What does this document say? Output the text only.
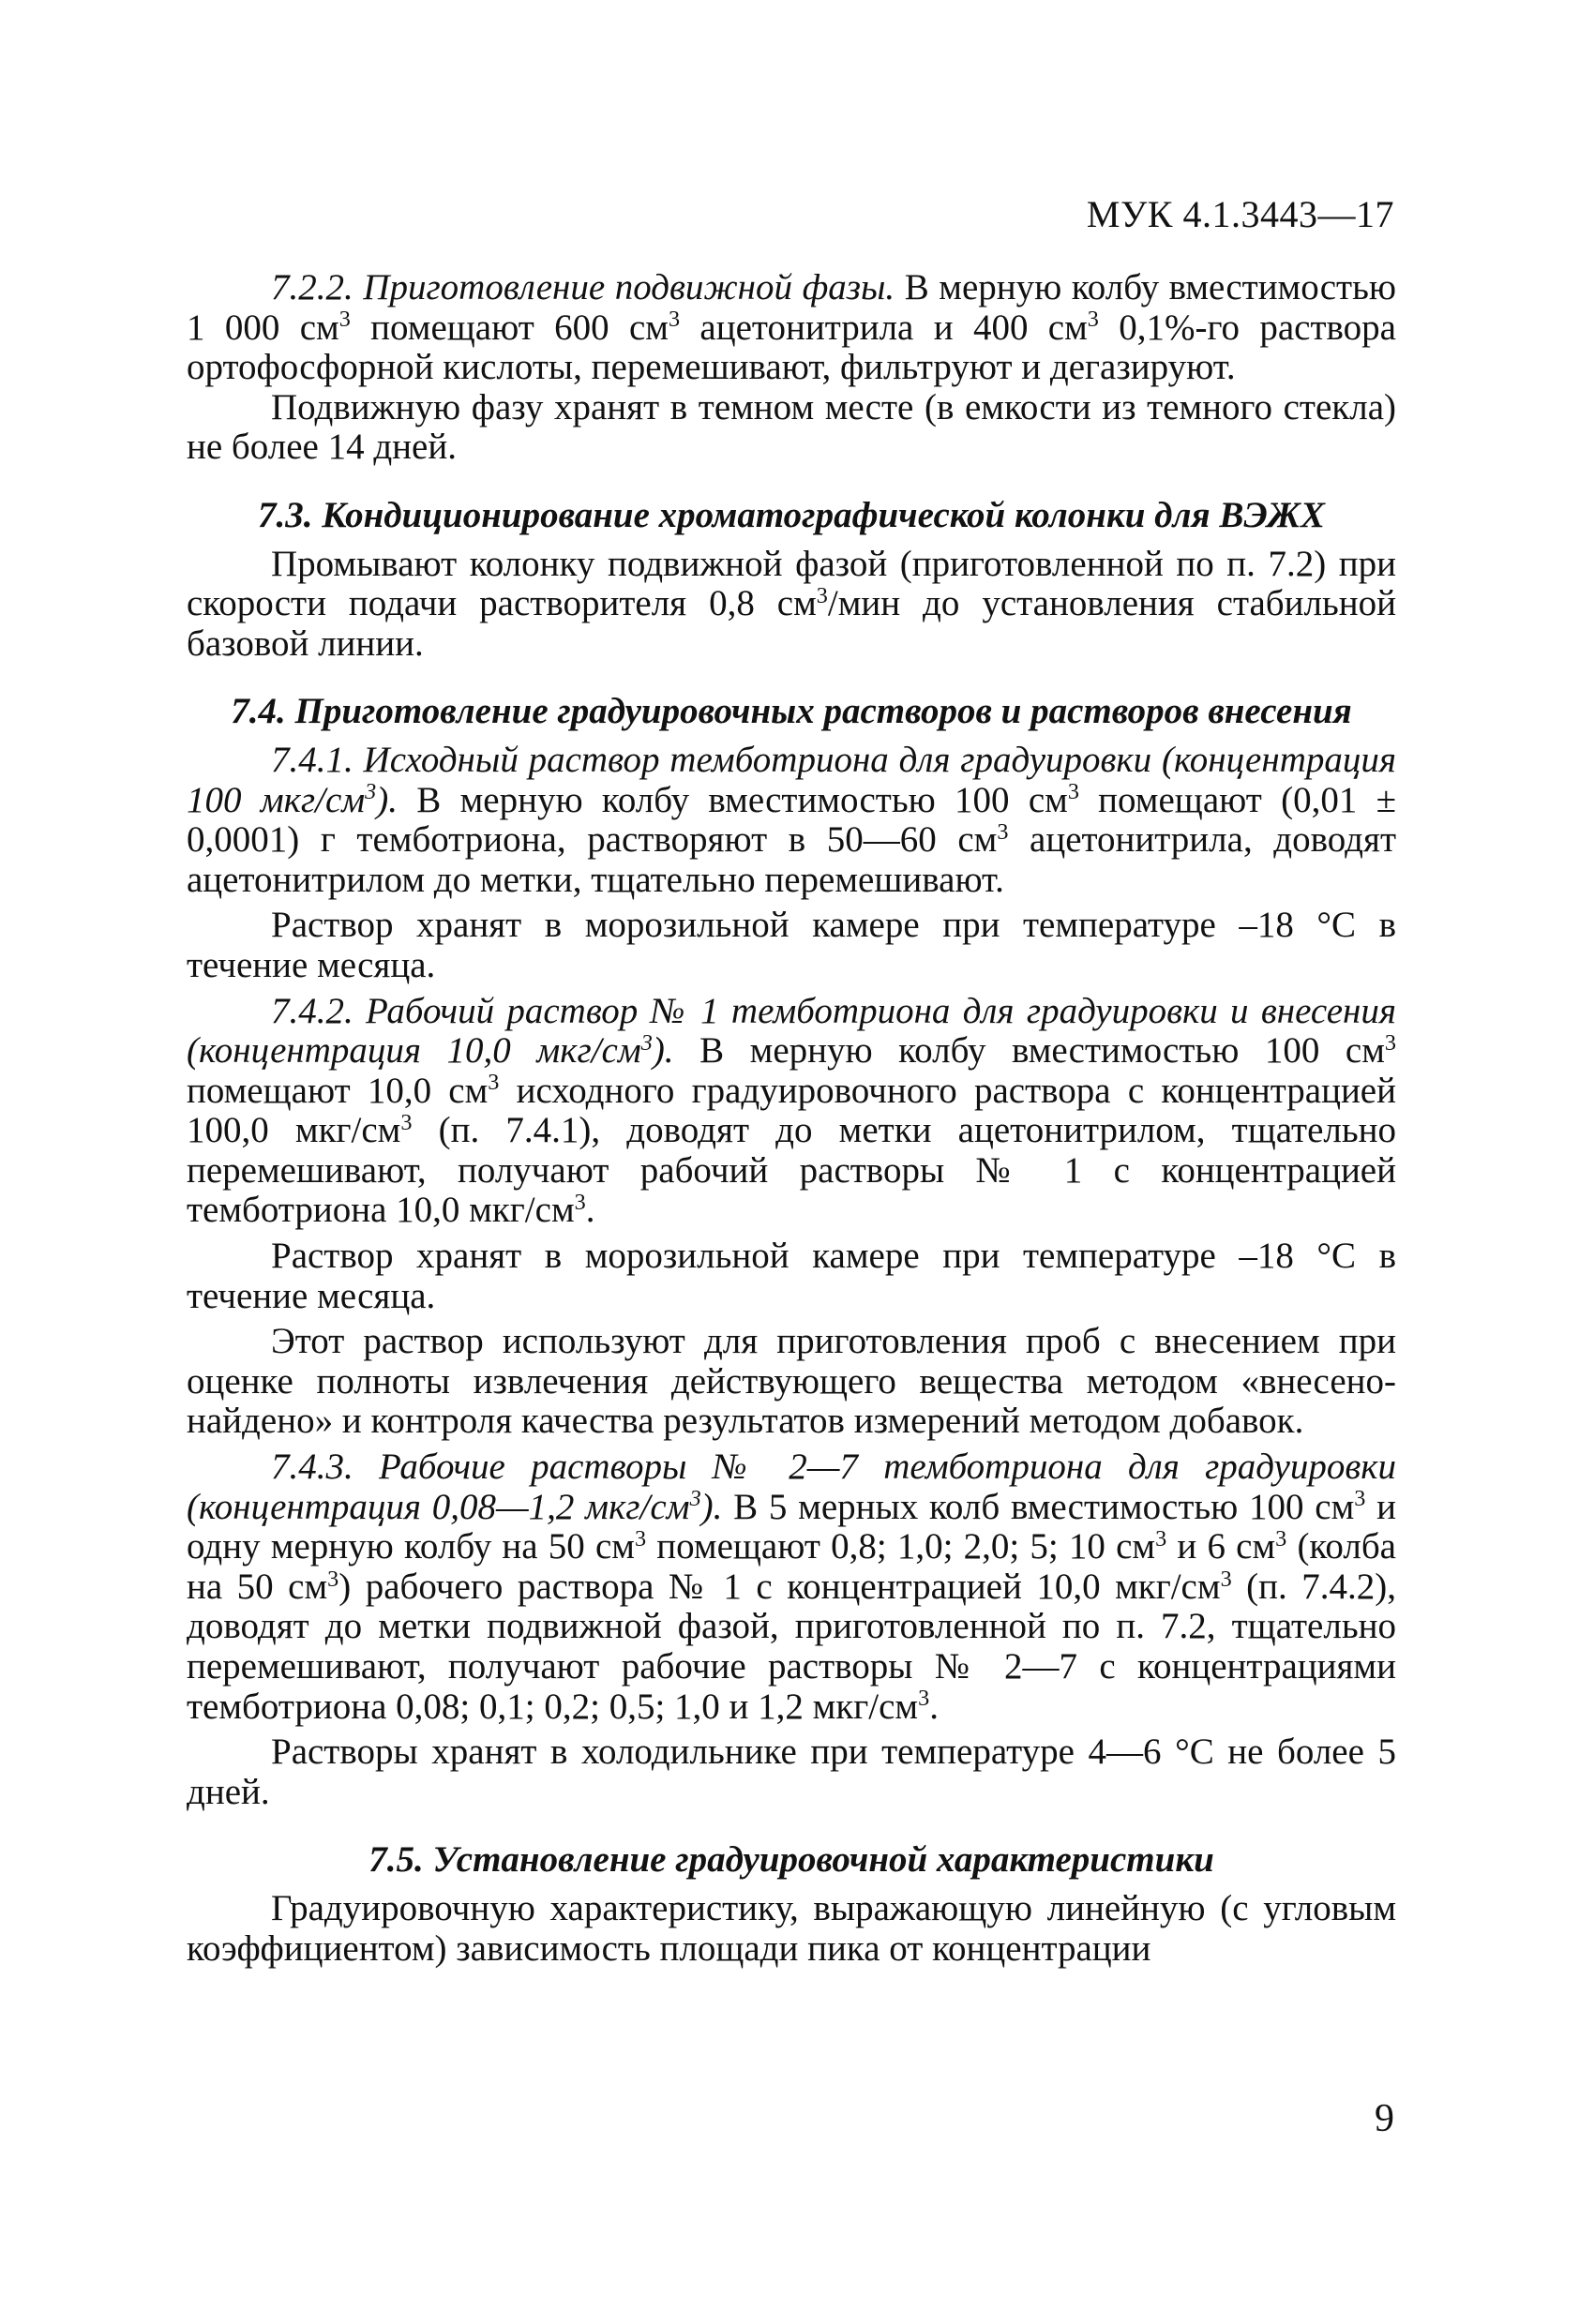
МУК 4.1.3443—17

7.2.2. Приготовление подвижной фазы. В мерную колбу вместимостью 1 000 $см^3$ помещают 600 $см^3$ ацетонитрила и 400 $см^3$ 0,1%-го раствора ортофосфорной кислоты, перемешивают, фильтруют и дегазируют.

Подвижную фазу хранят в темном месте (в емкости из темного стекла) не более 14 дней.

7.3. Кондиционирование хроматографической колонки для ВЭЖХ

Промывают колонку подвижной фазой (приготовленной по п. 7.2) при скорости подачи растворителя 0,8 $см^3$/мин до установления стабильной базовой линии.

7.4. Приготовление градуировочных растворов и растворов внесения

7.4.1. Исходный раствор темботриона для градуировки (концентрация 100 мкг/$см^3$). В мерную колбу вместимостью 100 $см^3$ помещают (0,01 ± 0,0001) г темботриона, растворяют в 50—60 $см^3$ ацетонитрила, доводят ацетонитрилом до метки, тщательно перемешивают.

Раствор хранят в морозильной камере при температуре –18 °С в течение месяца.

7.4.2. Рабочий раствор № 1 темботриона для градуировки и внесения (концентрация 10,0 мкг/$см^3$). В мерную колбу вместимостью 100 $см^3$ помещают 10,0 $см^3$ исходного градуировочного раствора с концентрацией 100,0 мкг/$см^3$ (п. 7.4.1), доводят до метки ацетонитрилом, тщательно перемешивают, получают рабочий растворы № 1 с концентрацией темботриона 10,0 мкг/$см^3$.

Раствор хранят в морозильной камере при температуре –18 °С в течение месяца.

Этот раствор используют для приготовления проб с внесением при оценке полноты извлечения действующего вещества методом «внесено-найдено» и контроля качества результатов измерений методом добавок.

7.4.3. Рабочие растворы № 2—7 темботриона для градуировки (концентрация 0,08—1,2 мкг/$см^3$). В 5 мерных колб вместимостью 100 $см^3$ и одну мерную колбу на 50 $см^3$ помещают 0,8; 1,0; 2,0; 5; 10 $см^3$ и 6 $см^3$ (колба на 50 $см^3$) рабочего раствора № 1 с концентрацией 10,0 мкг/$см^3$ (п. 7.4.2), доводят до метки подвижной фазой, приготовленной по п. 7.2, тщательно перемешивают, получают рабочие растворы № 2—7 с концентрациями темботриона 0,08; 0,1; 0,2; 0,5; 1,0 и 1,2 мкг/$см^3$.

Растворы хранят в холодильнике при температуре 4—6 °С не более 5 дней.

7.5. Установление градуировочной характеристики

Градуировочную характеристику, выражающую линейную (с угловым коэффициентом) зависимость площади пика от концентрации

9
